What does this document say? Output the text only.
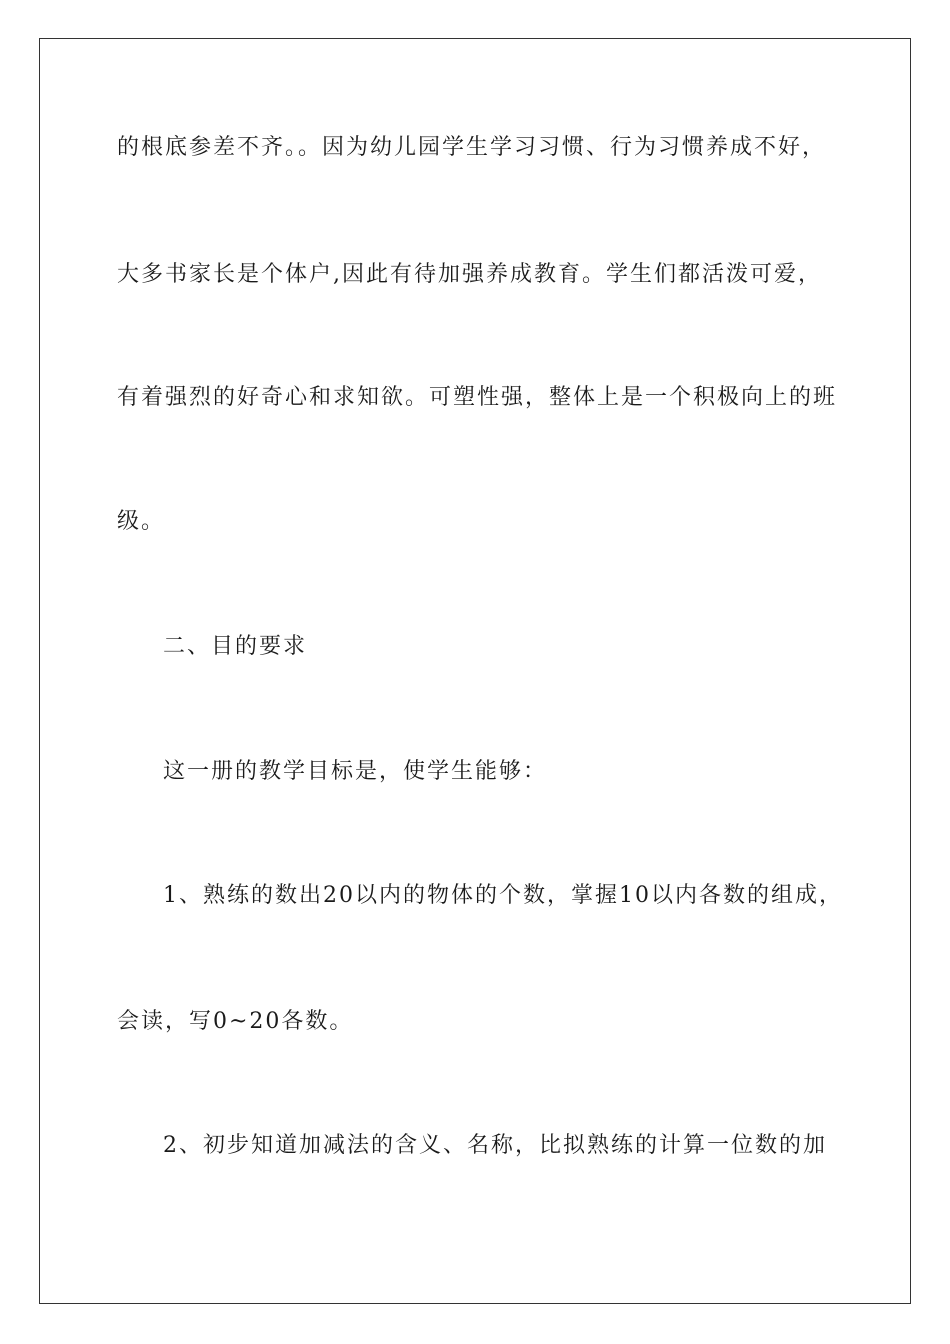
的根底参差不齐。。因为幼儿园学生学习习惯、行为习惯养成不好，
大多书家长是个体户,因此有待加强养成教育。学生们都活泼可爱，
有着强烈的好奇心和求知欲。可塑性强，整体上是一个积极向上的班
级。
二、目的要求
这一册的教学目标是，使学生能够：
1、熟练的数出20以内的物体的个数，掌握10以内各数的组成，
会读，写0~20各数。
2、初步知道加减法的含义、名称，比拟熟练的计算一位数的加
